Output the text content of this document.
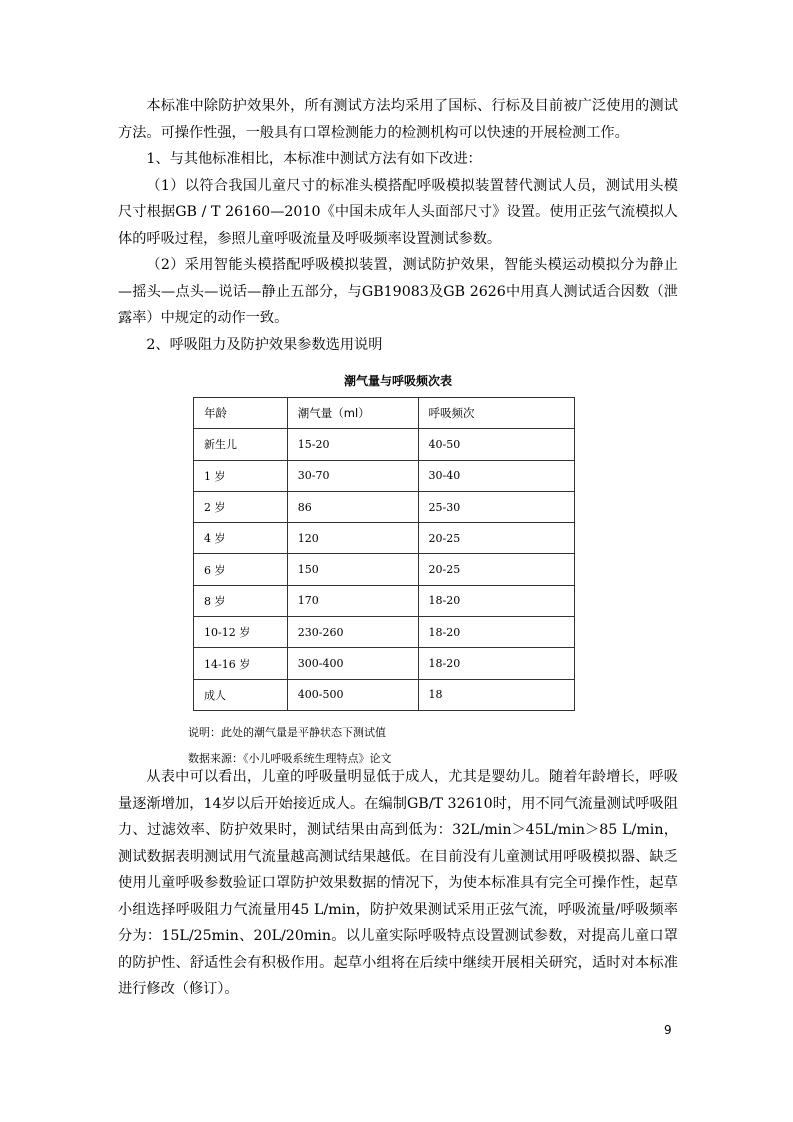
本标准中除防护效果外，所有测试方法均采用了国标、行标及目前被广泛使用的测试方法。可操作性强，一般具有口罩检测能力的检测机构可以快速的开展检测工作。

1、与其他标准相比，本标准中测试方法有如下改进：

（1）以符合我国儿童尺寸的标准头模搭配呼吸模拟装置替代测试人员，测试用头模尺寸根据GB / T 26160—2010《中国未成年人头面部尺寸》设置。使用正弦气流模拟人体的呼吸过程，参照儿童呼吸流量及呼吸频率设置测试参数。

（2）采用智能头模搭配呼吸模拟装置，测试防护效果，智能头模运动模拟分为静止—摇头—点头—说话—静止五部分，与GB19083及GB 2626中用真人测试适合因数（泄露率）中规定的动作一致。

2、呼吸阻力及防护效果参数选用说明

潮气量与呼吸频次表
年龄	潮气量（ml）	呼吸频次
新生儿	15-20	40-50
1 岁	30-70	30-40
2 岁	86	25-30
4 岁	120	20-25
6 岁	150	20-25
8 岁	170	18-20
10-12 岁	230-260	18-20
14-16 岁	300-400	18-20
成人	400-500	18
说明：此处的潮气量是平静状态下测试值
数据来源：《小儿呼吸系统生理特点》论文

从表中可以看出，儿童的呼吸量明显低于成人，尤其是婴幼儿。随着年龄增长，呼吸量逐渐增加，14岁以后开始接近成人。在编制GB/T 32610时，用不同气流量测试呼吸阻力、过滤效率、防护效果时，测试结果由高到低为：32L/min＞45L/min＞85 L/min，测试数据表明测试用气流量越高测试结果越低。在目前没有儿童测试用呼吸模拟器、缺乏使用儿童呼吸参数验证口罩防护效果数据的情况下，为使本标准具有完全可操作性，起草小组选择呼吸阻力气流量用45 L/min，防护效果测试采用正弦气流，呼吸流量/呼吸频率分为：15L/25min、20L/20min。以儿童实际呼吸特点设置测试参数，对提高儿童口罩的防护性、舒适性会有积极作用。起草小组将在后续中继续开展相关研究，适时对本标准进行修改（修订）。

9
